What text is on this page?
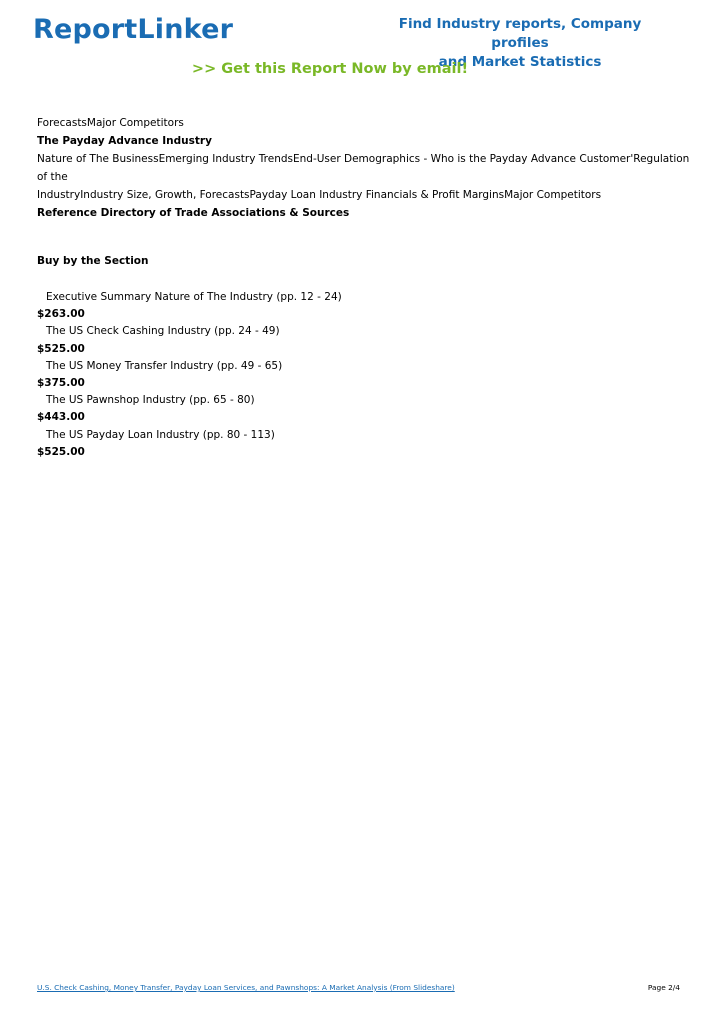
ReportLinker	Find Industry reports, Company profiles
and Market Statistics
>> Get this Report Now by email!
ForecastsMajor Competitors
The Payday Advance Industry
Nature of The BusinessEmerging Industry TrendsEnd-User Demographics - Who is the Payday Advance Customer'Regulation of the
IndustryIndustry Size, Growth, ForecastsPayday Loan Industry Financials & Profit MarginsMajor Competitors
Reference Directory of Trade Associations & Sources
Buy by the Section
Executive Summary Nature of The Industry (pp. 12 - 24)
$263.00
The US Check Cashing Industry (pp. 24 - 49)
$525.00
The US Money Transfer Industry (pp. 49 - 65)
$375.00
The US Pawnshop Industry (pp. 65 - 80)
$443.00
The US Payday Loan Industry (pp. 80 - 113)
$525.00
U.S. Check Cashing, Money Transfer, Payday Loan Services, and Pawnshops: A Market Analysis (From Slideshare)	Page 2/4
